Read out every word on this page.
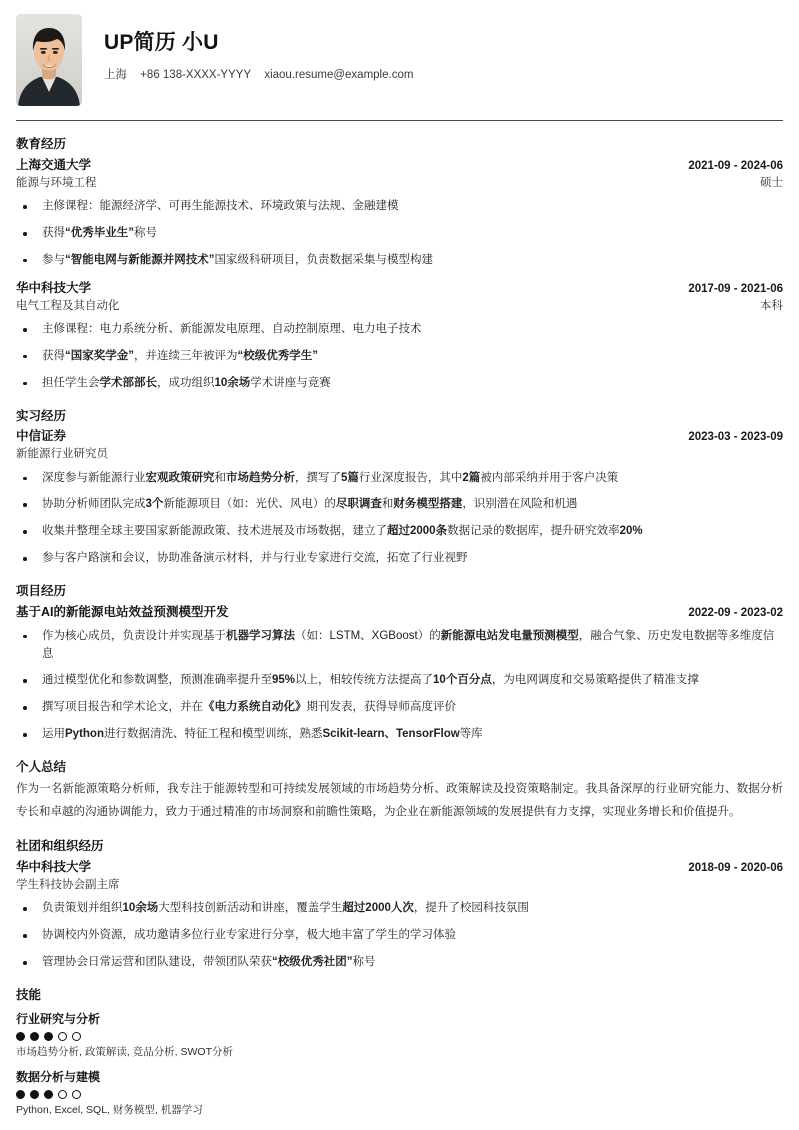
UP简历 小U
上海 +86 138-XXXX-YYYY xiaou.resume@example.com
教育经历
上海交通大学	2021-09 - 2024-06
能源与环境工程	硕士
主修课程：能源经济学、可再生能源技术、环境政策与法规、金融建模
获得“优秀毕业生”称号
参与“智能电网与新能源并网技术”国家级科研项目，负责数据采集与模型构建
华中科技大学	2017-09 - 2021-06
电气工程及其自动化	本科
主修课程：电力系统分析、新能源发电原理、自动控制原理、电力电子技术
获得“国家奖学金”，并连续三年被评为“校级优秀学生”
担任学生会学术部部长，成功组织10余场学术讲座与竞赛
实习经历
中信证券	2023-03 - 2023-09
新能源行业研究员
深度参与新能源行业宏观政策研究和市场趋势分析，撰写了5篇行业深度报告，其中2篇被内部采纳并用于客户决策
协助分析师团队完成3个新能源项目（如：光伏、风电）的尽职调查和财务模型搭建，识别潜在风险和机遇
收集并整理全球主要国家新能源政策、技术进展及市场数据，建立了超过2000条数据记录的数据库，提升研究效率20%
参与客户路演和会议，协助准备演示材料，并与行业专家进行交流，拓宽了行业视野
项目经历
基于AI的新能源电站效益预测模型开发	2022-09 - 2023-02
作为核心成员，负责设计并实现基于机器学习算法（如：LSTM、XGBoost）的新能源电站发电量预测模型，融合气象、历史发电数据等多维度信息
通过模型优化和参数调整，预测准确率提升至95%以上，相较传统方法提高了10个百分点，为电网调度和交易策略提供了精准支撑
撰写项目报告和学术论文，并在《电力系统自动化》期刊发表，获得导师高度评价
运用Python进行数据清洗、特征工程和模型训练，熟悉Scikit-learn、TensorFlow等库
个人总结
作为一名新能源策略分析师，我专注于能源转型和可持续发展领域的市场趋势分析、政策解读及投资策略制定。我具备深厚的行业研究能力、数据分析专长和卓越的沟通协调能力，致力于通过精准的市场洞察和前瞻性策略，为企业在新能源领域的发展提供有力支撑，实现业务增长和价值提升。
社团和组织经历
华中科技大学	2018-09 - 2020-06
学生科技协会副主席
负责策划并组织10余场大型科技创新活动和讲座，覆盖学生超过2000人次，提升了校园科技氛围
协调校内外资源，成功邀请多位行业专家进行分享，极大地丰富了学生的学习体验
管理协会日常运营和团队建设，带领团队荣获“校级优秀社团”称号
技能
行业研究与分析
市场趋势分析, 政策解读, 竞品分析, SWOT分析
数据分析与建模
Python, Excel, SQL, 财务模型, 机器学习
